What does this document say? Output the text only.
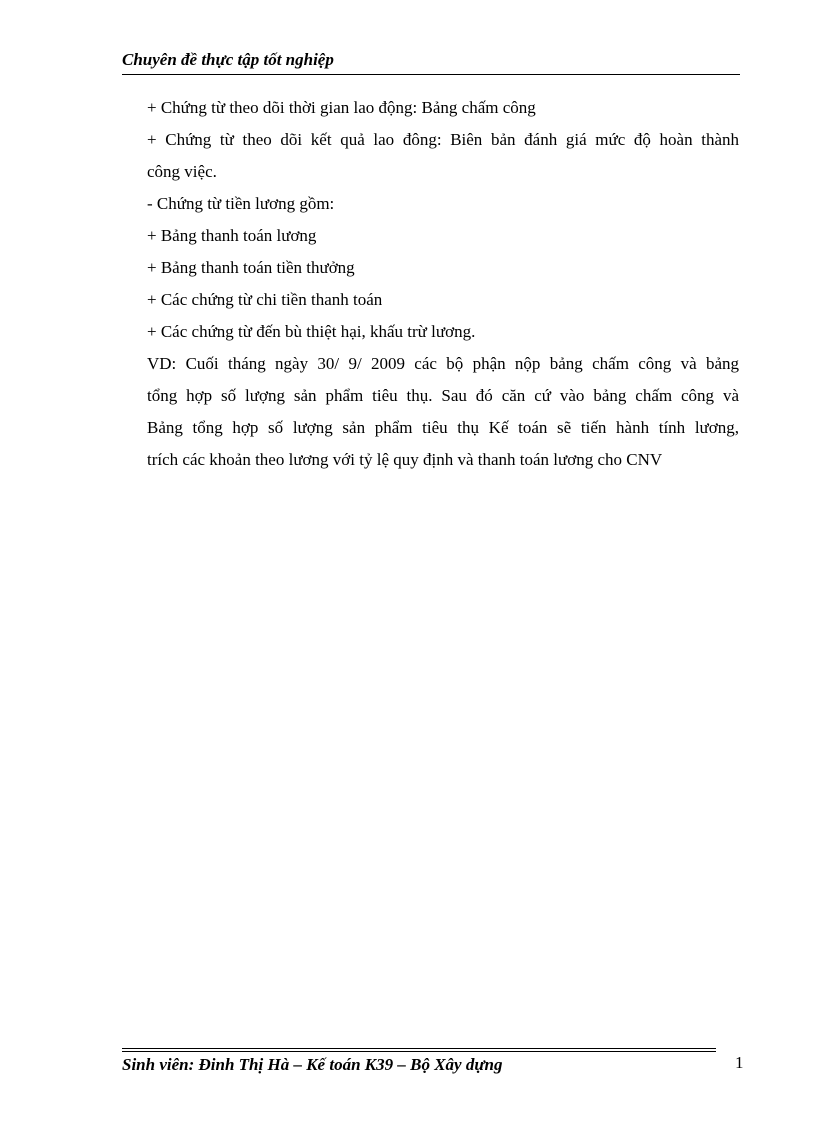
Chuyên đề thực tập tốt nghiệp
+ Chứng từ theo dõi thời gian lao động: Bảng chấm công
+ Chứng từ theo dõi kết quả lao đông: Biên bản đánh giá mức độ hoàn thành
công việc.
- Chứng từ tiền lương gồm:
+ Bảng thanh toán lương
+ Bảng thanh toán tiền thưởng
+ Các chứng từ chi tiền thanh toán
+ Các chứng từ đến bù thiệt hại, khấu trừ lương.
VD: Cuối tháng ngày 30/ 9/ 2009 các bộ phận nộp bảng chấm công và bảng
tổng hợp số lượng sản phẩm tiêu thụ. Sau đó căn cứ vào bảng chấm công và
Bảng tổng hợp số lượng sản phẩm tiêu thụ Kế toán sẽ tiến hành tính lương,
trích các khoản theo lương với tỷ lệ quy định và thanh toán lương cho CNV
Sinh viên: Đinh Thị Hà – Kế toán K39 – Bộ Xây dựng	1
